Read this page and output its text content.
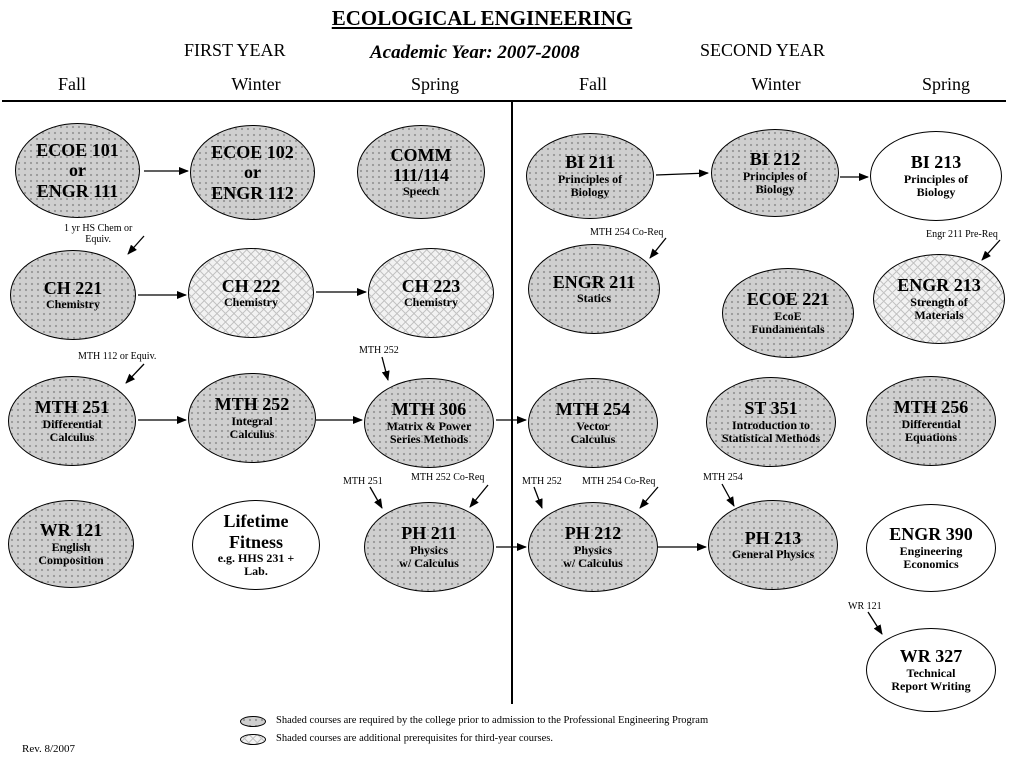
ECOLOGICAL ENGINEERING
FIRST YEAR	Academic Year: 2007-2008	SECOND YEAR
Fall	Winter	Spring	Fall	Winter	Spring
ECOE 101
or
ENGR 111
ECOE 102
or
ENGR 112
COMM
111/114
Speech
BI 211
Principles of
Biology
BI 212
Principles of
Biology
BI 213
Principles of
Biology
CH 221
Chemistry
CH 222
Chemistry
CH 223
Chemistry
ENGR 211
Statics	ECOE 221
EcoE
Fundamentals
ENGR 213
Strength of
Materials
MTH 251
Differential
Calculus
MTH 252
Integral
Calculus
MTH 306
Matrix & Power
Series Methods
MTH 254
Vector
Calculus
ST 351
Introduction to
Statistical Methods
MTH 256
Differential
Equations
WR 121
English
Composition
Lifetime
Fitness
e.g. HHS 231 +
Lab.
PH 211
Physics
w/ Calculus
PH 212
Physics
w/ Calculus
PH 213
General Physics
ENGR 390
Engineering
Economics
WR 327
Technical
Report Writing
1 yr HS Chem or
Equiv.
MTH 112 or Equiv.
MTH 254 Co-Req	Engr 211 Pre-Req
MTH 252
MTH 251	MTH 252 Co-Req	MTH 252 MTH 254 Co-Req	MTH 254
WR 121
Shaded courses are required by the college prior to admission to the Professional Engineering Program
Shaded courses are additional prerequisites for third-year courses.
Rev. 8/2007
